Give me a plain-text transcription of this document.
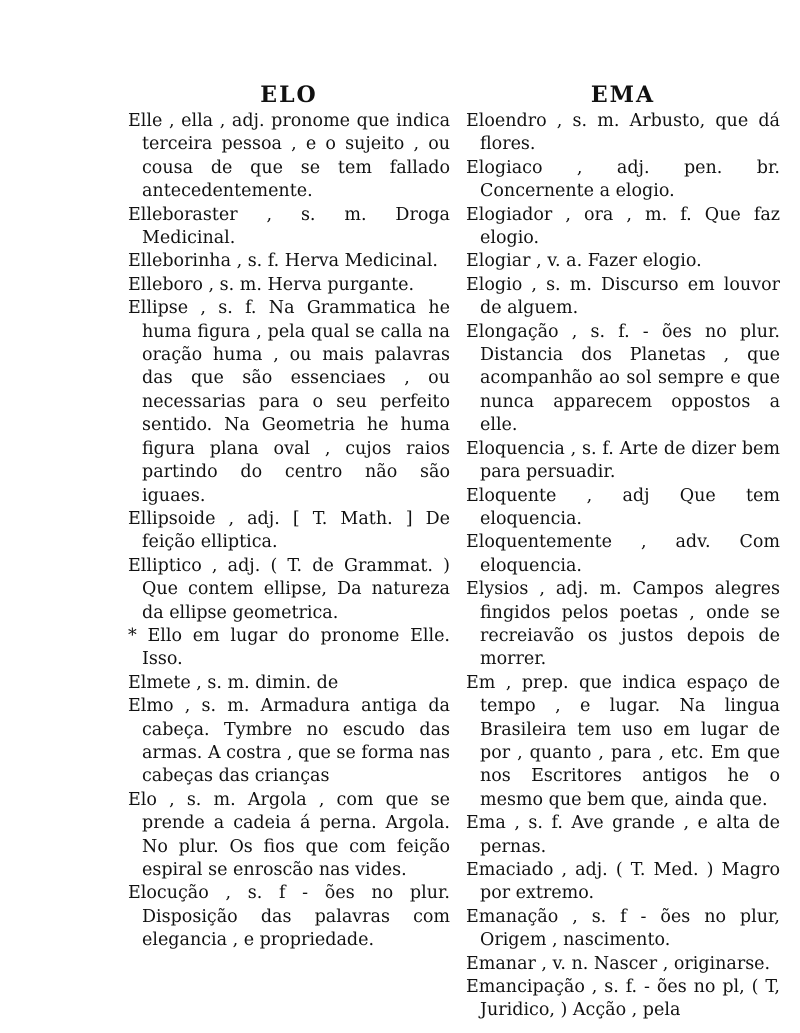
ELO

Elle , ella , adj. pronome que indica terceira pessoa , e o sujeito , ou cousa de que se tem fallado antecedentemente.

Elleboraster , s. m. Droga Medicinal.

Elleborinha , s. f. Herva Medicinal.

Elleboro , s. m. Herva purgante.

Ellipse , s. f. Na Grammatica he huma figura , pela qual se calla na oração huma , ou mais palavras das que são essenciaes , ou necessarias para o seu perfeito sentido. Na Geometria he huma figura plana oval , cujos raios partindo do centro não são iguaes.

Ellipsoide , adj. [ T. Math. ] De feição elliptica.

Elliptico , adj. ( T. de Grammat. ) Que contem ellipse, Da natureza da ellipse geometrica.

* Ello em lugar do pronome Elle. Isso.

Elmete , s. m. dimin. de

Elmo , s. m. Armadura antiga da cabeça. Tymbre no escudo das armas. A costra , que se forma nas cabeças das crianças

Elo , s. m. Argola , com que se prende a cadeia á perna. Argola. No plur. Os fios que com feição espiral se enroscão nas vides.

Elocução , s. f - ões no plur. Disposição das palavras com elegancia , e propriedade.

EMA

Eloendro , s. m. Arbusto, que dá flores.

Elogiaco , adj. pen. br. Concernente a elogio.

Elogiador , ora , m. f. Que faz elogio.

Elogiar , v. a. Fazer elogio.

Elogio , s. m. Discurso em louvor de alguem.

Elongação , s. f. - ões no plur. Distancia dos Planetas , que acompanhão ao sol sempre e que nunca apparecem oppostos a elle.

Eloquencia , s. f. Arte de dizer bem para persuadir.

Eloquente , adj Que tem eloquencia.

Eloquentemente , adv. Com eloquencia.

Elysios , adj. m. Campos alegres fingidos pelos poetas , onde se recreiavão os justos depois de morrer.

Em , prep. que indica espaço de tempo , e lugar. Na lingua Brasileira tem uso em lugar de por , quanto , para , etc. Em que nos Escritores antigos he o mesmo que bem que, ainda que.

Ema , s. f. Ave grande , e alta de pernas.

Emaciado , adj. ( T. Med. ) Magro por extremo.

Emanação , s. f - ões no plur, Origem , nascimento.

Emanar , v. n. Nascer , originarse.

Emancipação , s. f. - ões no pl, ( T, Juridico, ) Acção , pela
